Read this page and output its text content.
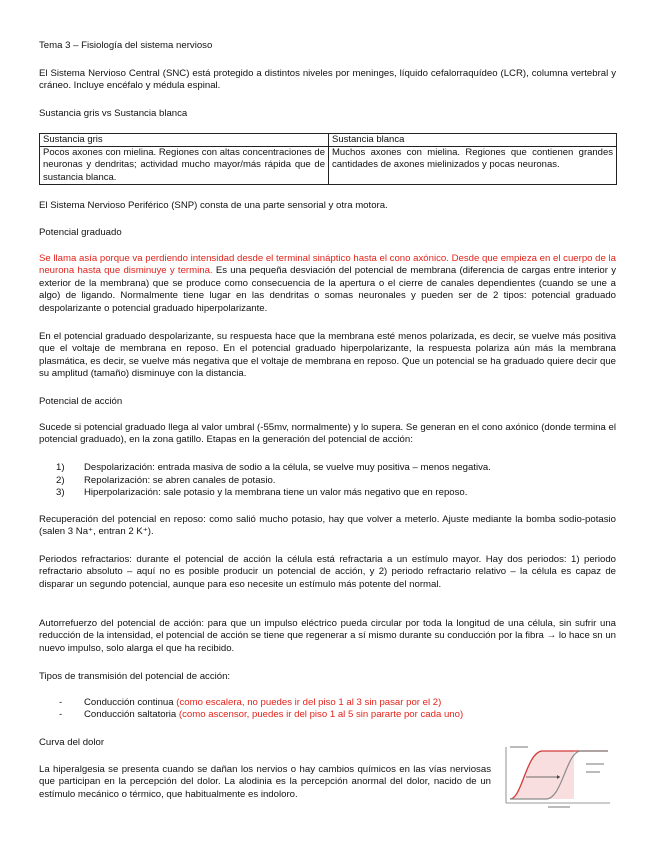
Tema 3 – Fisiología del sistema nervioso
El Sistema Nervioso Central (SNC) está protegido a distintos niveles por meninges, líquido cefalorraquídeo (LCR), columna vertebral y cráneo. Incluye encéfalo y médula espinal.
Sustancia gris vs Sustancia blanca
Sustancia gris	Sustancia blanca
Pocos axones con mielina. Regiones con altas concentraciones de neuronas y dendritas; actividad mucho mayor/más rápida que de sustancia blanca.	Muchos axones con mielina. Regiones que contienen grandes cantidades de axones mielinizados y pocas neuronas.
El Sistema Nervioso Periférico (SNP) consta de una parte sensorial y otra motora.
Potencial graduado
Se llama asía porque va perdiendo intensidad desde el terminal sináptico hasta el cono axónico. Desde que empieza en el cuerpo de la neurona hasta que disminuye y termina. Es una pequeña desviación del potencial de membrana (diferencia de cargas entre interior y exterior de la membrana) que se produce como consecuencia de la apertura o el cierre de canales dependientes (cuando se une a algo) de ligando. Normalmente tiene lugar en las dendritas o somas neuronales y pueden ser de 2 tipos: potencial graduado despolarizante o potencial graduado hiperpolarizante.
En el potencial graduado despolarizante, su respuesta hace que la membrana esté menos polarizada, es decir, se vuelve más positiva que el voltaje de membrana en reposo. En el potencial graduado hiperpolarizante, la respuesta polariza aún más la membrana plasmática, es decir, se vuelve más negativa que el voltaje de membrana en reposo. Que un potencial se ha graduado quiere decir que su amplitud (tamaño) disminuye con la distancia.
Potencial de acción
Sucede si potencial graduado llega al valor umbral (-55mv, normalmente) y lo supera. Se generan en el cono axónico (donde termina el potencial graduado), en la zona gatillo. Etapas en la generación del potencial de acción:
1) Despolarización: entrada masiva de sodio a la célula, se vuelve muy positiva – menos negativa.
2) Repolarización: se abren canales de potasio.
3) Hiperpolarización: sale potasio y la membrana tiene un valor más negativo que en reposo.
Recuperación del potencial en reposo: como salió mucho potasio, hay que volver a meterlo. Ajuste mediante la bomba sodio-potasio (salen 3 Na⁺, entran 2 K⁺).
Periodos refractarios: durante el potencial de acción la célula está refractaria a un estímulo mayor. Hay dos periodos: 1) periodo refractario absoluto – aquí no es posible producir un potencial de acción, y 2) periodo refractario relativo – la célula es capaz de disparar un segundo potencial, aunque para eso necesite un estímulo más potente del normal.
Autorrefuerzo del potencial de acción: para que un impulso eléctrico pueda circular por toda la longitud de una célula, sin sufrir una reducción de la intensidad, el potencial de acción se tiene que regenerar a sí mismo durante su conducción por la fibra → lo hace sn un nuevo impulso, solo alarga el que ha recibido.
Tipos de transmisión del potencial de acción:
- Conducción continua (como escalera, no puedes ir del piso 1 al 3 sin pasar por el 2)
- Conducción saltatoria (como ascensor, puedes ir del piso 1 al 5 sin pararte por cada uno)
Curva del dolor
La hiperalgesia se presenta cuando se dañan los nervios o hay cambios químicos en las vías nerviosas que participan en la percepción del dolor. La alodinia es la percepción anormal del dolor, nacido de un estímulo mecánico o térmico, que habitualmente es indoloro.
